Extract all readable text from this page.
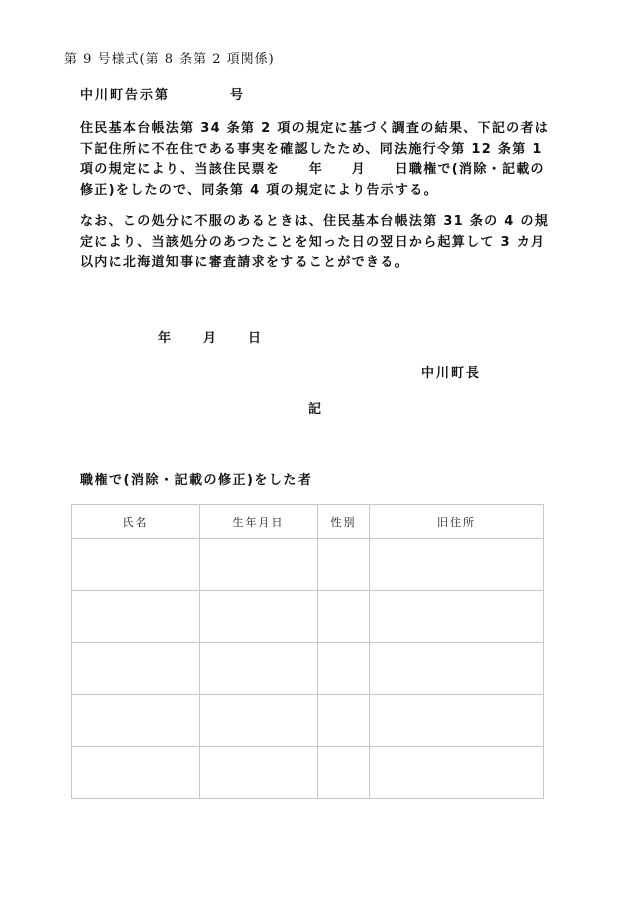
第 9 号様式(第 8 条第 2 項関係)
中川町告示第	号

住民基本台帳法第 34 条第 2 項の規定に基づく調査の結果、下記の者は下記住所に不在住である事実を確認したため、同法施行令第 12 条第 1 項の規定により、当該住民票を　　年　　月　　日職権で(消除・記載の修正)をしたので、同条第 4 項の規定により告示する。

なお、この処分に不服のあるときは、住民基本台帳法第 31 条の 4 の規定により、当該処分のあつたことを知った日の翌日から起算して 3 カ月以内に北海道知事に審査請求をすることができる。

年 月 日
中川町長
記
職権で(消除・記載の修正)をした者
氏名	生年月日	性別	旧住所
